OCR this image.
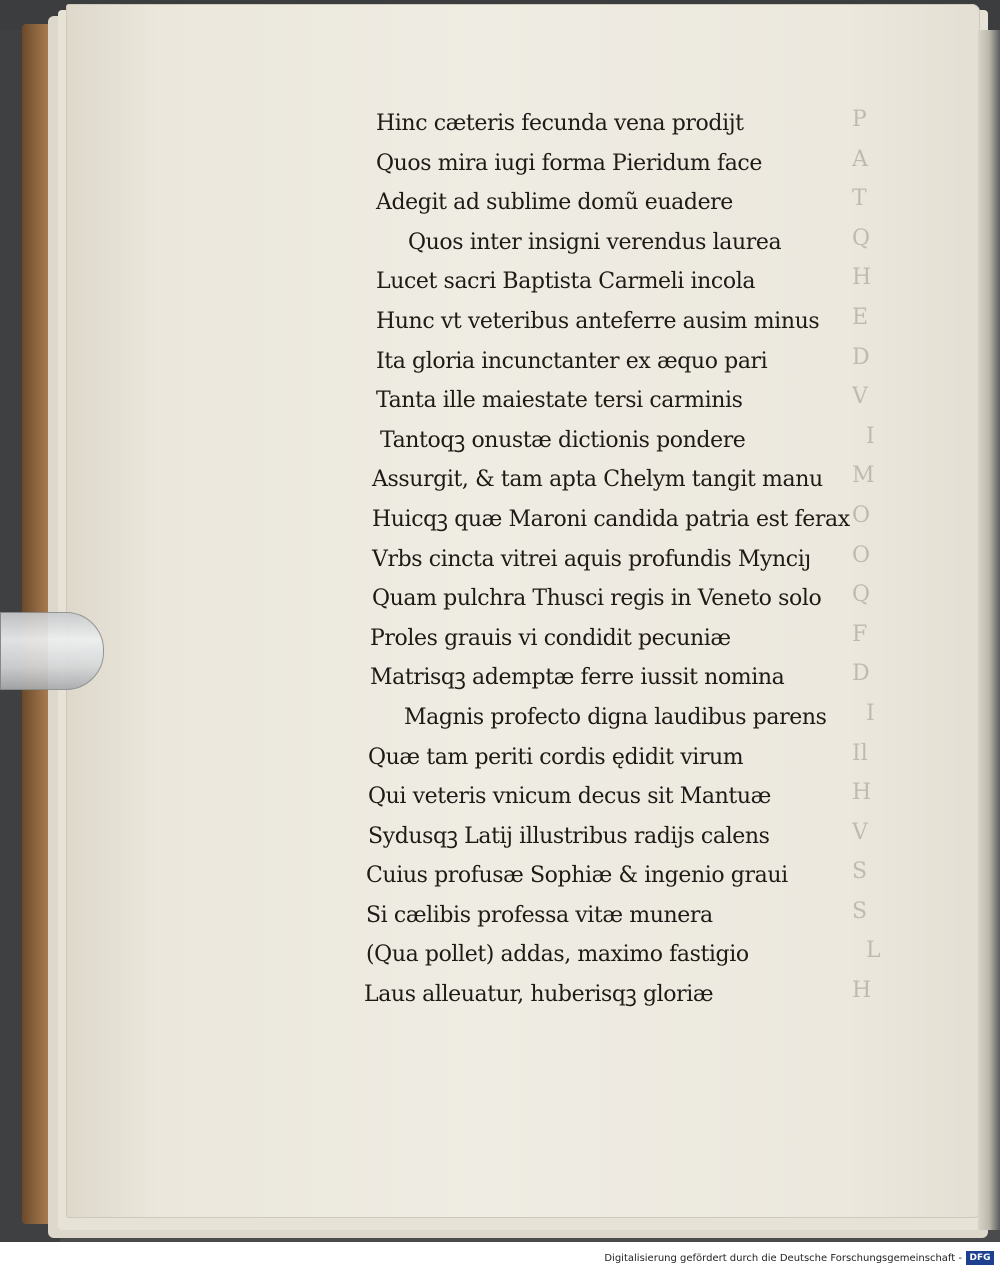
P
A
T
Q
H
E
D
V
I
M
O
O
Q
F
D
I
Il
H
V
S
S
L
H
Hinc cæteris fecunda vena prodijt
Quos mira iugi forma Pieridum face
Adegit ad sublime domũ euadere
Quos inter insigni verendus laurea
Lucet sacri Baptista Carmeli incola
Hunc vt veteribus anteferre ausim minus
Ita gloria incunctanter ex æquo pari
Tanta ille maiestate tersi carminis
Tantoqꝫ onustæ dictionis pondere
Assurgit, & tam apta Chelym tangit manu
Huicqꝫ quæ Maroni candida patria est ferax
Vrbs cincta vitrei aquis profundis Mynciȷ
Quam pulchra Thusci regis in Veneto solo
Proles grauis vi condidit pecuniæ
Matrisqꝫ ademptæ ferre iussit nomina
Magnis profecto digna laudibus parens
Quæ tam periti cordis ędidit virum
Qui veteris vnicum decus sit Mantuæ
Sydusqꝫ Latij illustribus radijs calens
Cuius profusæ Sophiæ & ingenio graui
Si cælibis professa vitæ munera
(Qua pollet) addas, maximo fastigio
Laus alleuatur, huberisqꝫ gloriæ
Digitalisierung gefördert durch die Deutsche Forschungsgemeinschaft - DFG
